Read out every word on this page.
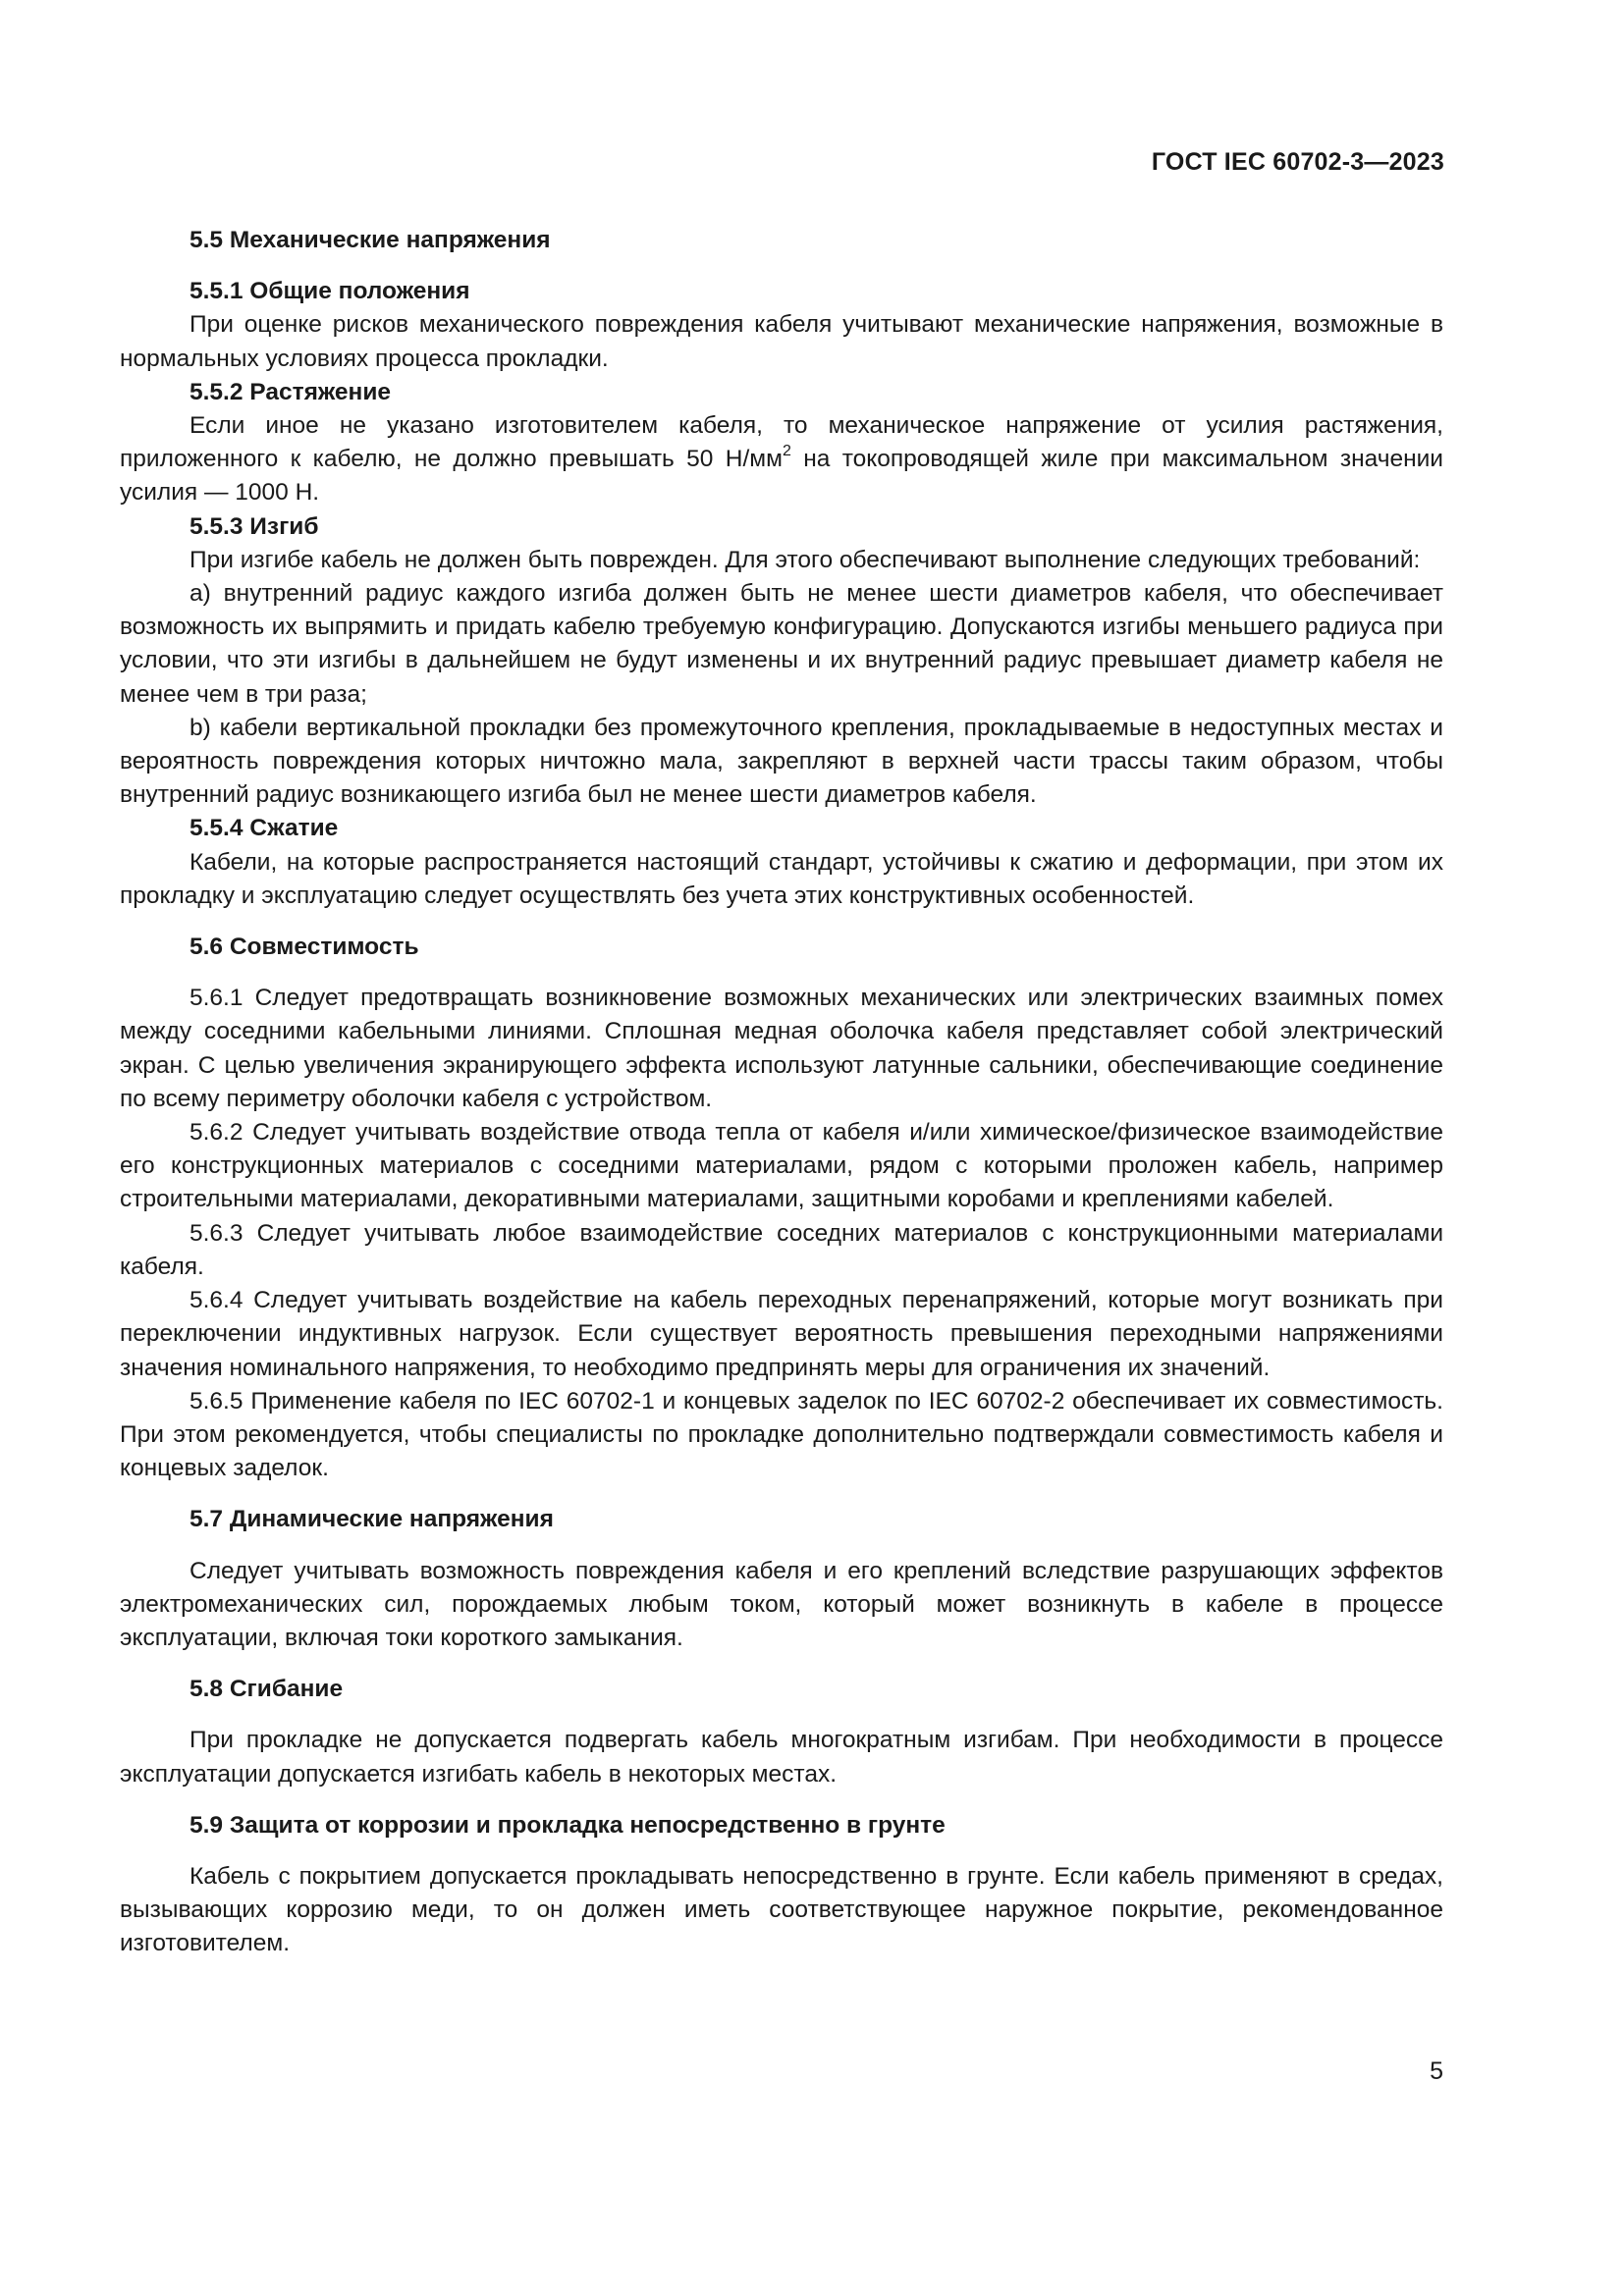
ГОСТ IEC 60702-3—2023
5.5 Механические напряжения
5.5.1 Общие положения

При оценке рисков механического повреждения кабеля учитывают механические напряжения, возможные в нормальных условиях процесса прокладки.

5.5.2 Растяжение

Если иное не указано изготовителем кабеля, то механическое напряжение от усилия растяжения, приложенного к кабелю, не должно превышать 50 $Н/мм^2$ на токопроводящей жиле при максимальном значении усилия — 1000 Н.

5.5.3 Изгиб

При изгибе кабель не должен быть поврежден. Для этого обеспечивают выполнение следующих требований:

а) внутренний радиус каждого изгиба должен быть не менее шести диаметров кабеля, что обеспечивает возможность их выпрямить и придать кабелю требуемую конфигурацию. Допускаются изгибы меньшего радиуса при условии, что эти изгибы в дальнейшем не будут изменены и их внутренний радиус превышает диаметр кабеля не менее чем в три раза;

b) кабели вертикальной прокладки без промежуточного крепления, прокладываемые в недоступных местах и вероятность повреждения которых ничтожно мала, закрепляют в верхней части трассы таким образом, чтобы внутренний радиус возникающего изгиба был не менее шести диаметров кабеля.

5.5.4 Сжатие

Кабели, на которые распространяется настоящий стандарт, устойчивы к сжатию и деформации, при этом их прокладку и эксплуатацию следует осуществлять без учета этих конструктивных особенностей.

5.6 Совместимость

5.6.1 Следует предотвращать возникновение возможных механических или электрических взаимных помех между соседними кабельными линиями. Сплошная медная оболочка кабеля представляет собой электрический экран. С целью увеличения экранирующего эффекта используют латунные сальники, обеспечивающие соединение по всему периметру оболочки кабеля с устройством.

5.6.2 Следует учитывать воздействие отвода тепла от кабеля и/или химическое/физическое взаимодействие его конструкционных материалов с соседними материалами, рядом с которыми проложен кабель, например строительными материалами, декоративными материалами, защитными коробами и креплениями кабелей.

5.6.3 Следует учитывать любое взаимодействие соседних материалов с конструкционными материалами кабеля.

5.6.4 Следует учитывать воздействие на кабель переходных перенапряжений, которые могут возникать при переключении индуктивных нагрузок. Если существует вероятность превышения переходными напряжениями значения номинального напряжения, то необходимо предпринять меры для ограничения их значений.

5.6.5 Применение кабеля по IEC 60702-1 и концевых заделок по IEC 60702-2 обеспечивает их совместимость. При этом рекомендуется, чтобы специалисты по прокладке дополнительно подтверждали совместимость кабеля и концевых заделок.

5.7 Динамические напряжения

Следует учитывать возможность повреждения кабеля и его креплений вследствие разрушающих эффектов электромеханических сил, порождаемых любым током, который может возникнуть в кабеле в процессе эксплуатации, включая токи короткого замыкания.

5.8 Сгибание

При прокладке не допускается подвергать кабель многократным изгибам. При необходимости в процессе эксплуатации допускается изгибать кабель в некоторых местах.

5.9 Защита от коррозии и прокладка непосредственно в грунте

Кабель с покрытием допускается прокладывать непосредственно в грунте. Если кабель применяют в средах, вызывающих коррозию меди, то он должен иметь соответствующее наружное покрытие, рекомендованное изготовителем.

5
